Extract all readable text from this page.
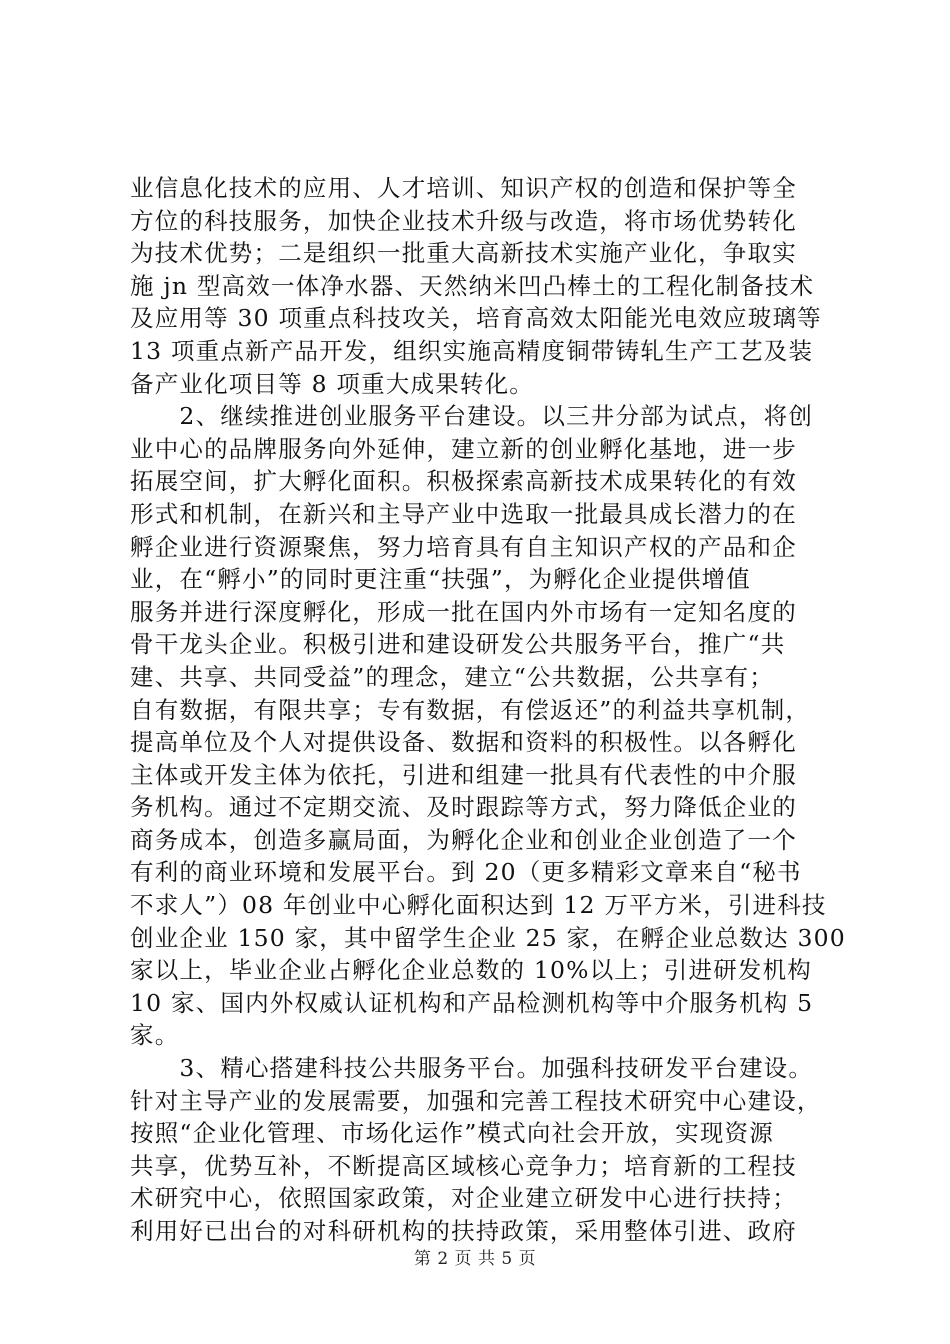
业信息化技术的应用、人才培训、知识产权的创造和保护等全
方位的科技服务，加快企业技术升级与改造，将市场优势转化
为技术优势；二是组织一批重大高新技术实施产业化，争取实
施 jn 型高效一体净水器、天然纳米凹凸棒土的工程化制备技术
及应用等 30 项重点科技攻关，培育高效太阳能光电效应玻璃等
13 项重点新产品开发，组织实施高精度铜带铸轧生产工艺及装
备产业化项目等 8 项重大成果转化。
　　2、继续推进创业服务平台建设。以三井分部为试点，将创
业中心的品牌服务向外延伸，建立新的创业孵化基地，进一步
拓展空间，扩大孵化面积。积极探索高新技术成果转化的有效
形式和机制，在新兴和主导产业中选取一批最具成长潜力的在
孵企业进行资源聚焦，努力培育具有自主知识产权的产品和企
业，在“孵小”的同时更注重“扶强”，为孵化企业提供增值
服务并进行深度孵化，形成一批在国内外市场有一定知名度的
骨干龙头企业。积极引进和建设研发公共服务平台，推广“共
建、共享、共同受益”的理念，建立“公共数据，公共享有；
自有数据，有限共享；专有数据，有偿返还”的利益共享机制，
提高单位及个人对提供设备、数据和资料的积极性。以各孵化
主体或开发主体为依托，引进和组建一批具有代表性的中介服
务机构。通过不定期交流、及时跟踪等方式，努力降低企业的
商务成本，创造多赢局面，为孵化企业和创业企业创造了一个
有利的商业环境和发展平台。到 20（更多精彩文章来自“秘书
不求人”）08 年创业中心孵化面积达到 12 万平方米，引进科技
创业企业 150 家，其中留学生企业 25 家，在孵企业总数达 300
家以上，毕业企业占孵化企业总数的 10%以上；引进研发机构
10 家、国内外权威认证机构和产品检测机构等中介服务机构 5
家。
　　3、精心搭建科技公共服务平台。加强科技研发平台建设。
针对主导产业的发展需要，加强和完善工程技术研究中心建设，
按照“企业化管理、市场化运作”模式向社会开放，实现资源
共享，优势互补，不断提高区域核心竞争力；培育新的工程技
术研究中心，依照国家政策，对企业建立研发中心进行扶持；
利用好已出台的对科研机构的扶持政策，采用整体引进、政府
第 2 页 共 5 页
